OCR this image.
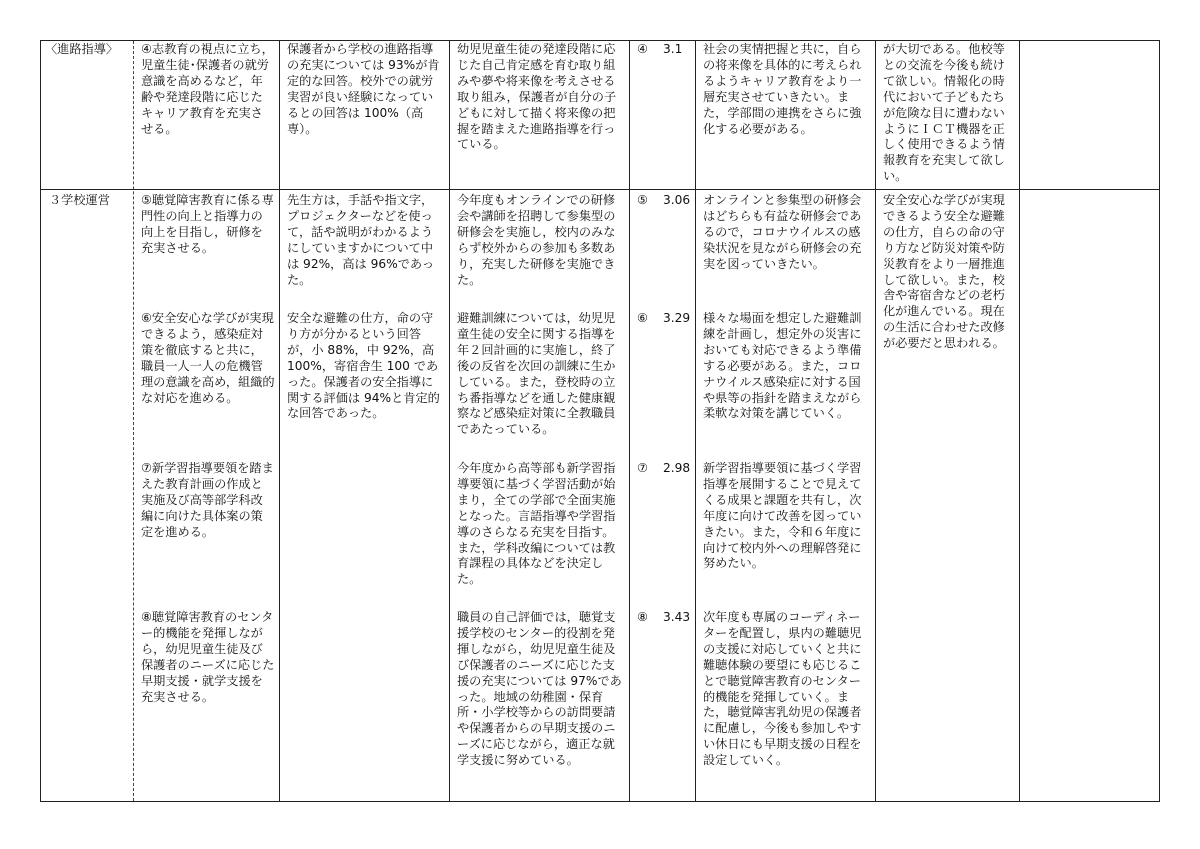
〈進路指導〉	④志教育の視点に立ち，児童生徒･保護者の就労意識を高めるなど，年齢や発達段階に応じたキャリア教育を充実させる。
保護者から学校の進路指導の充実については 93%が肯定的な回答。校外での就労実習が良い経験になっているとの回答は 100%（高専）。
幼児児童生徒の発達段階に応じた自己肯定感を育む取り組みや夢や将来像を考えさせる取り組み，保護者が自分の子どもに対して描く将来像の把握を踏まえた進路指導を行っている。
④ 3.1 社会の実情把握と共に，自らの将来像を具体的に考えられるようキャリア教育をより一層充実させていきたい。また，学部間の連携をさらに強化する必要がある。
が大切である。他校等との交流を今後も続けて欲しい。情報化の時代において子どもたちが危険な目に遭わないようにＩＣＴ機器を正しく使用できるよう情報教育を充実して欲しい。
３学校運営	安全安心な学びが実現できるよう安全な避難の仕方，自らの命の守り方など防災対策や防災教育をより一層推進して欲しい。また，校舎や寄宿舎などの老朽化が進んでいる。現在の生活に合わせた改修が必要だと思われる。
⑤聴覚障害教育に係る専門性の向上と指導力の向上を目指し，研修を充実させる。
先生方は，手話や指文字，プロジェクターなどを使って，話や説明がわかるようにしていますかについて中は 92%，高は 96%であった。
今年度もオンラインでの研修会や講師を招聘して参集型の研修会を実施し，校内のみならず校外からの参加も多数あり，充実した研修を実施できた。
⑤ 3.06 オンラインと参集型の研修会はどちらも有益な研修会であるので，コロナウイルスの感染状況を見ながら研修会の充実を図っていきたい。
⑥安全安心な学びが実現できるよう，感染症対策を徹底すると共に，職員一人一人の危機管理の意識を高め，組織的な対応を進める。
安全な避難の仕方，命の守り方が分かるという回答が，小 88%，中 92%，高 100%，寄宿舎生 100 であった。保護者の安全指導に関する評価は 94%と肯定的な回答であった。
避難訓練については，幼児児童生徒の安全に関する指導を年２回計画的に実施し，終了後の反省を次回の訓練に生かしている。また，登校時の立ち番指導などを通した健康観察など感染症対策に全教職員であたっている。
⑥ 3.29 様々な場面を想定した避難訓練を計画し，想定外の災害においても対応できるよう準備する必要がある。また，コロナウイルス感染症に対する国や県等の指針を踏まえながら柔軟な対策を講じていく。
⑦新学習指導要領を踏まえた教育計画の作成と実施及び高等部学科改編に向けた具体案の策定を進める。
今年度から高等部も新学習指導要領に基づく学習活動が始まり，全ての学部で全面実施となった。言語指導や学習指導のさらなる充実を目指す。また，学科改編については教育課程の具体などを決定した。
⑦ 2.98 新学習指導要領に基づく学習指導を展開することで見えてくる成果と課題を共有し，次年度に向けて改善を図っていきたい。また，令和６年度に向けて校内外への理解啓発に努めたい。
⑧聴覚障害教育のセンター的機能を発揮しながら，幼児児童生徒及び保護者のニーズに応じた早期支援・就学支援を充実させる。
職員の自己評価では，聴覚支援学校のセンター的役割を発揮しながら，幼児児童生徒及び保護者のニーズに応じた支援の充実については 97%であった。地域の幼稚園・保育所・小学校等からの訪問要請や保護者からの早期支援のニーズに応じながら，適正な就学支援に努めている。
⑧ 3.43 次年度も専属のコーディネーターを配置し，県内の難聴児の支援に対応していくと共に難聴体験の要望にも応じることで聴覚障害教育のセンター的機能を発揮していく。また，聴覚障害乳幼児の保護者に配慮し，今後も参加しやすい休日にも早期支援の日程を設定していく。
